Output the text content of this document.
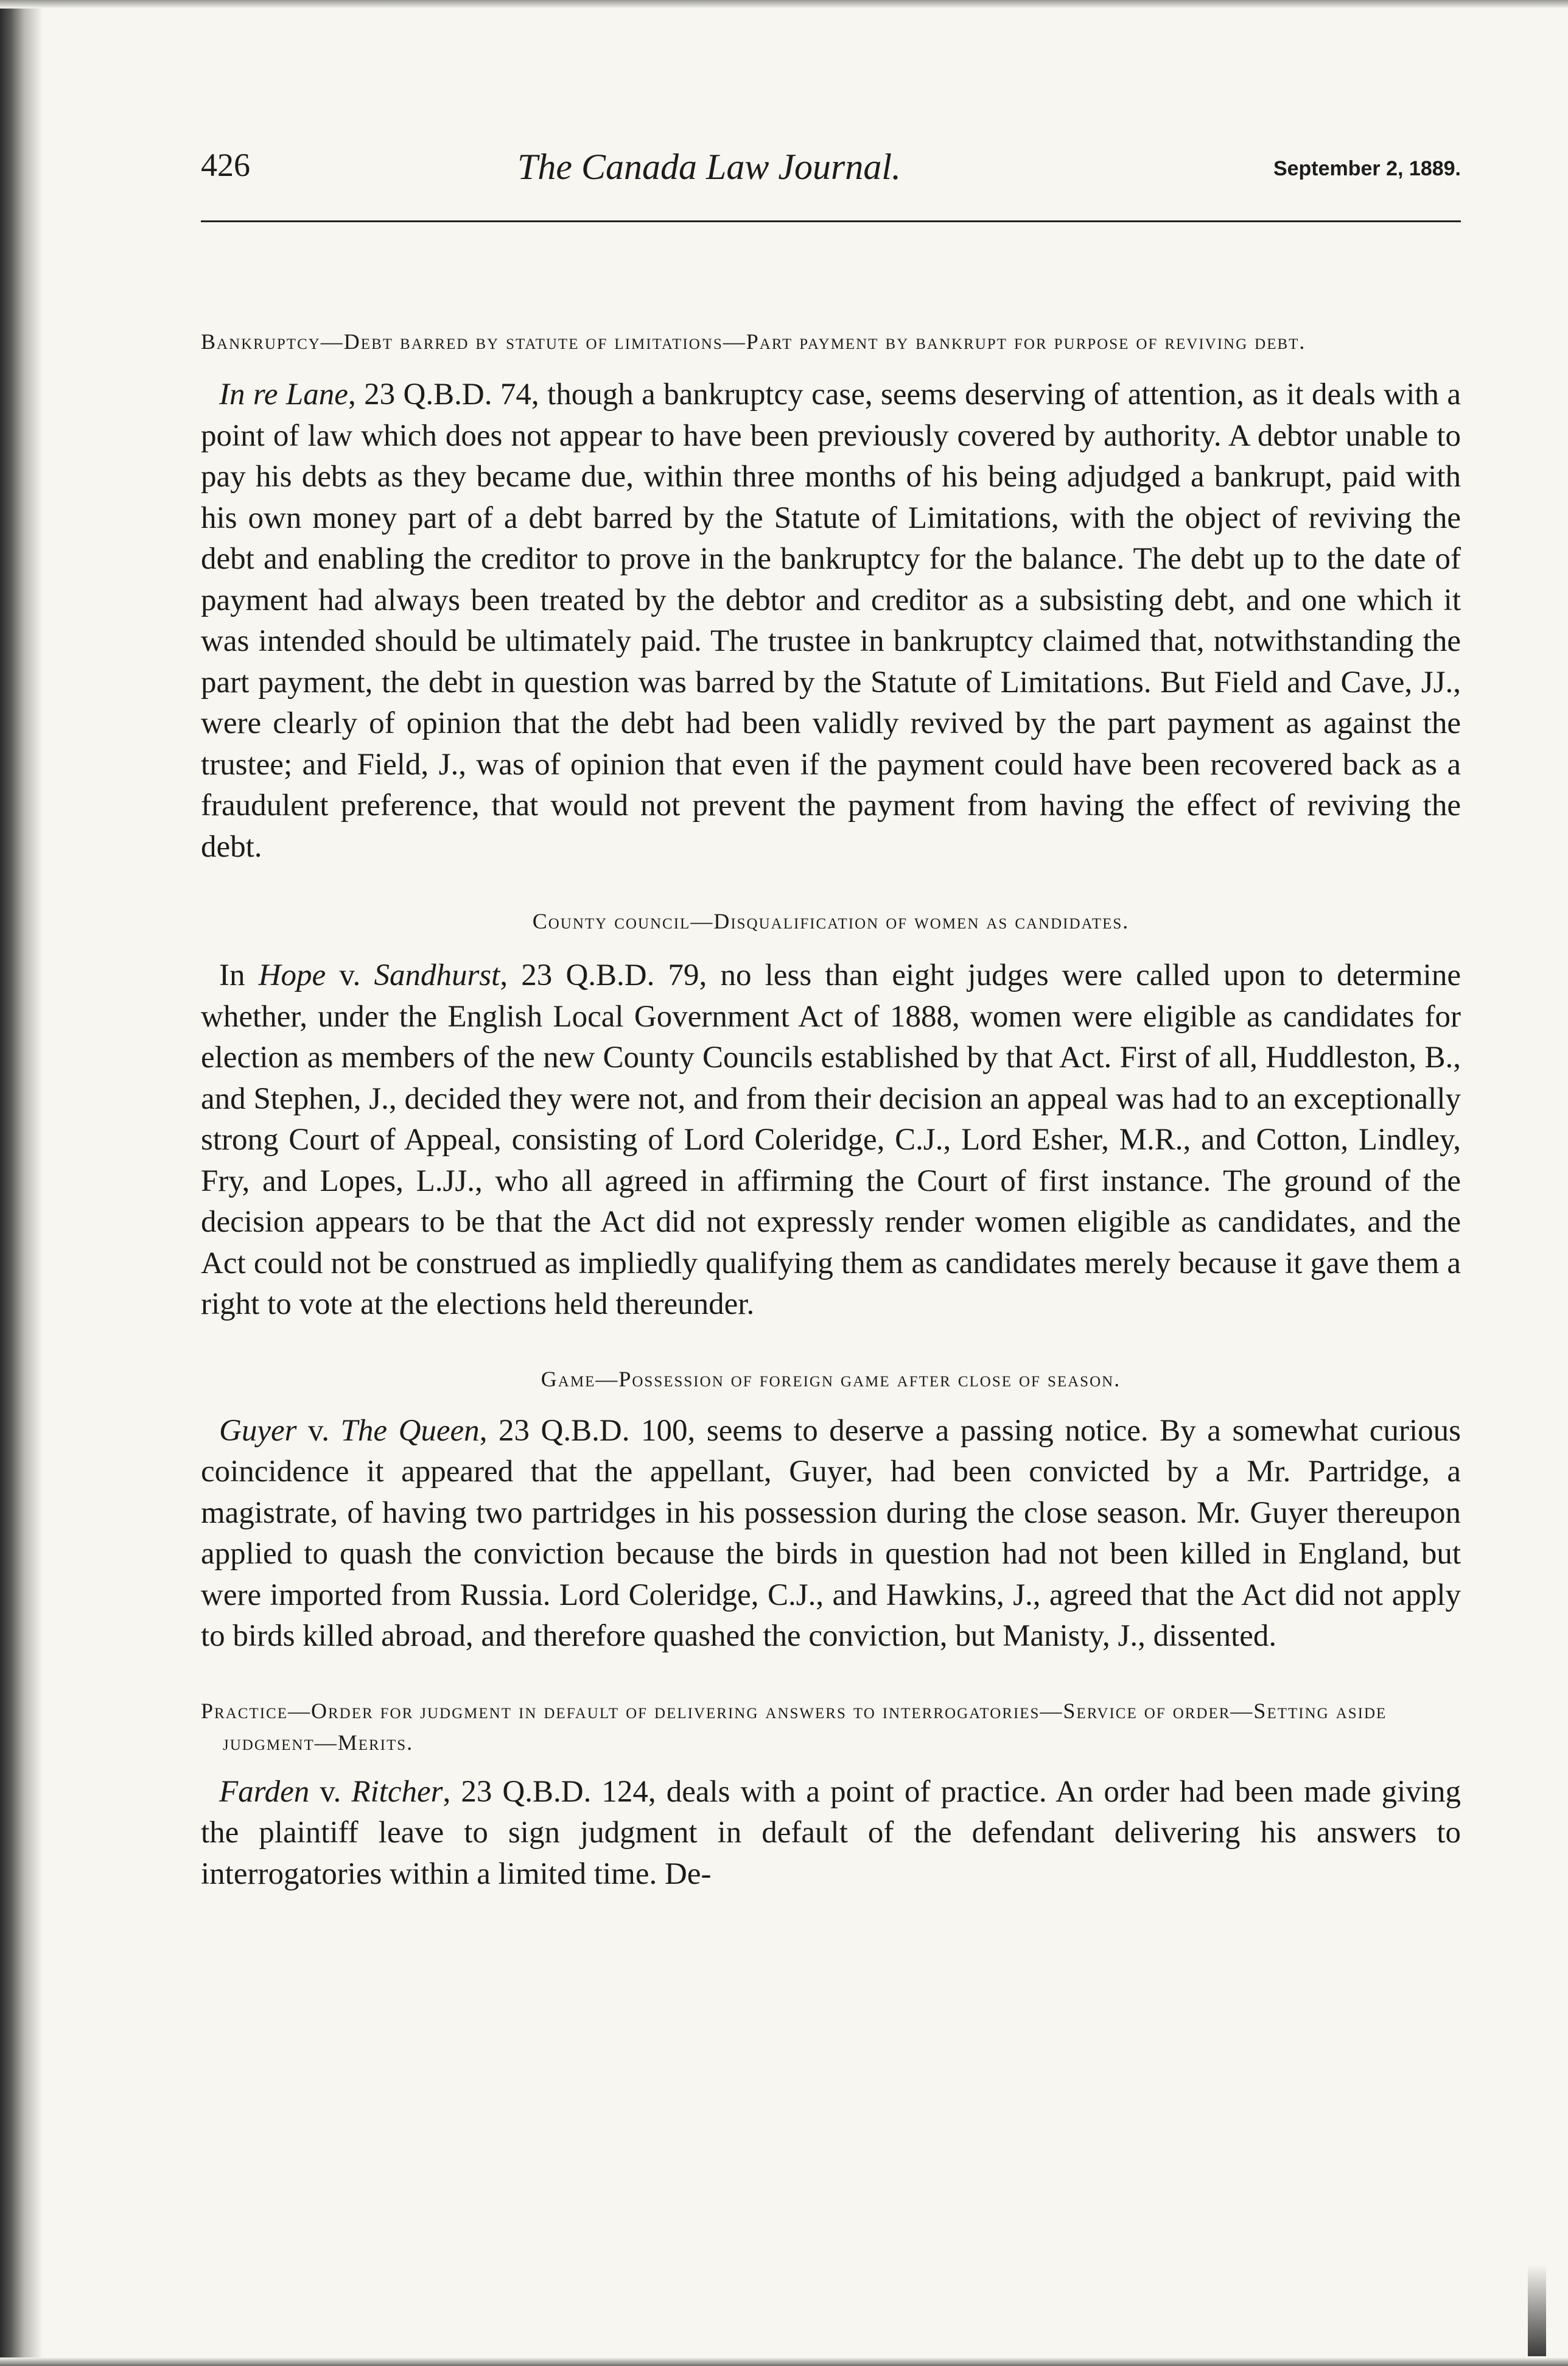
426	The Canada Law Journal.	September 2, 1889.

Bankruptcy—Debt barred by statute of limitations—Part payment by bankrupt for purpose of reviving debt.

In re Lane, 23 Q.B.D. 74, though a bankruptcy case, seems deserving of attention, as it deals with a point of law which does not appear to have been previously covered by authority. A debtor unable to pay his debts as they became due, within three months of his being adjudged a bankrupt, paid with his own money part of a debt barred by the Statute of Limitations, with the object of reviving the debt and enabling the creditor to prove in the bankruptcy for the balance. The debt up to the date of payment had always been treated by the debtor and creditor as a subsisting debt, and one which it was intended should be ultimately paid. The trustee in bankruptcy claimed that, notwithstanding the part payment, the debt in question was barred by the Statute of Limitations. But Field and Cave, JJ., were clearly of opinion that the debt had been validly revived by the part payment as against the trustee; and Field, J., was of opinion that even if the payment could have been recovered back as a fraudulent preference, that would not prevent the payment from having the effect of reviving the debt.

County council—Disqualification of women as candidates.

In Hope v. Sandhurst, 23 Q.B.D. 79, no less than eight judges were called upon to determine whether, under the English Local Government Act of 1888, women were eligible as candidates for election as members of the new County Councils established by that Act. First of all, Huddleston, B., and Stephen, J., decided they were not, and from their decision an appeal was had to an exceptionally strong Court of Appeal, consisting of Lord Coleridge, C.J., Lord Esher, M.R., and Cotton, Lindley, Fry, and Lopes, L.JJ., who all agreed in affirming the Court of first instance. The ground of the decision appears to be that the Act did not expressly render women eligible as candidates, and the Act could not be construed as impliedly qualifying them as candidates merely because it gave them a right to vote at the elections held thereunder.

Game—Possession of foreign game after close of season.

Guyer v. The Queen, 23 Q.B.D. 100, seems to deserve a passing notice. By a somewhat curious coincidence it appeared that the appellant, Guyer, had been convicted by a Mr. Partridge, a magistrate, of having two partridges in his possession during the close season. Mr. Guyer thereupon applied to quash the conviction because the birds in question had not been killed in England, but were imported from Russia. Lord Coleridge, C.J., and Hawkins, J., agreed that the Act did not apply to birds killed abroad, and therefore quashed the conviction, but Manisty, J., dissented.

Practice—Order for judgment in default of delivering answers to interrogatories—Service of order—Setting aside judgment—Merits.

Farden v. Ritcher, 23 Q.B.D. 124, deals with a point of practice. An order had been made giving the plaintiff leave to sign judgment in default of the defendant delivering his answers to interrogatories within a limited time. De-
